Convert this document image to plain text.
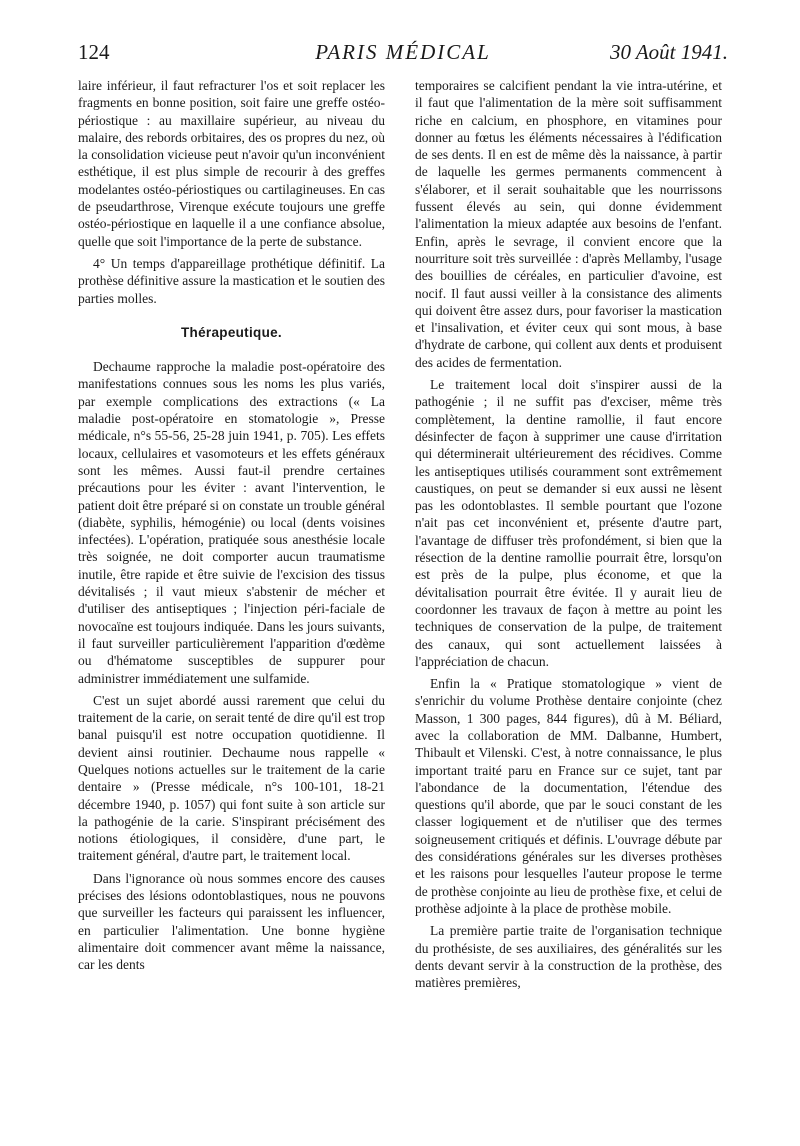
124	PARIS MÉDICAL	30 Août 1941.

laire inférieur, il faut refracturer l'os et soit replacer les fragments en bonne position, soit faire une greffe ostéo-périostique : au maxillaire supérieur, au niveau du malaire, des rebords orbitaires, des os propres du nez, où la consolidation vicieuse peut n'avoir qu'un inconvénient esthétique, il est plus simple de recourir à des greffes modelantes ostéo-périostiques ou cartilagineuses. En cas de pseudarthrose, Virenque exécute toujours une greffe ostéo-périostique en laquelle il a une confiance absolue, quelle que soit l'importance de la perte de substance.

4° Un temps d'appareillage prothétique définitif. La prothèse définitive assure la mastication et le soutien des parties molles.

Thérapeutique.

Dechaume rapproche la maladie post-opératoire des manifestations connues sous les noms les plus variés, par exemple complications des extractions (« La maladie post-opératoire en stomatologie », Presse médicale, n°s 55-56, 25-28 juin 1941, p. 705). Les effets locaux, cellulaires et vasomoteurs et les effets généraux sont les mêmes. Aussi faut-il prendre certaines précautions pour les éviter : avant l'intervention, le patient doit être préparé si on constate un trouble général (diabète, syphilis, hémogénie) ou local (dents voisines infectées). L'opération, pratiquée sous anesthésie locale très soignée, ne doit comporter aucun traumatisme inutile, être rapide et être suivie de l'excision des tissus dévitalisés ; il vaut mieux s'abstenir de mécher et d'utiliser des antiseptiques ; l'injection péri-faciale de novocaïne est toujours indiquée. Dans les jours suivants, il faut surveiller particulièrement l'apparition d'œdème ou d'hématome susceptibles de suppurer pour administrer immédiatement une sulfamide.

C'est un sujet abordé aussi rarement que celui du traitement de la carie, on serait tenté de dire qu'il est trop banal puisqu'il est notre occupation quotidienne. Il devient ainsi routinier. Dechaume nous rappelle « Quelques notions actuelles sur le traitement de la carie dentaire » (Presse médicale, n°s 100-101, 18-21 décembre 1940, p. 1057) qui font suite à son article sur la pathogénie de la carie. S'inspirant précisément des notions étiologiques, il considère, d'une part, le traitement général, d'autre part, le traitement local.

Dans l'ignorance où nous sommes encore des causes précises des lésions odontoblastiques, nous ne pouvons que surveiller les facteurs qui paraissent les influencer, en particulier l'alimentation. Une bonne hygiène alimentaire doit commencer avant même la naissance, car les dents

temporaires se calcifient pendant la vie intra-utérine, et il faut que l'alimentation de la mère soit suffisamment riche en calcium, en phosphore, en vitamines pour donner au fœtus les éléments nécessaires à l'édification de ses dents. Il en est de même dès la naissance, à partir de laquelle les germes permanents commencent à s'élaborer, et il serait souhaitable que les nourrissons fussent élevés au sein, qui donne évidemment l'alimentation la mieux adaptée aux besoins de l'enfant. Enfin, après le sevrage, il convient encore que la nourriture soit très surveillée : d'après Mellamby, l'usage des bouillies de céréales, en particulier d'avoine, est nocif. Il faut aussi veiller à la consistance des aliments qui doivent être assez durs, pour favoriser la mastication et l'insalivation, et éviter ceux qui sont mous, à base d'hydrate de carbone, qui collent aux dents et produisent des acides de fermentation.

Le traitement local doit s'inspirer aussi de la pathogénie ; il ne suffit pas d'exciser, même très complètement, la dentine ramollie, il faut encore désinfecter de façon à supprimer une cause d'irritation qui déterminerait ultérieurement des récidives. Comme les antiseptiques utilisés couramment sont extrêmement caustiques, on peut se demander si eux aussi ne lèsent pas les odontoblastes. Il semble pourtant que l'ozone n'ait pas cet inconvénient et, présente d'autre part, l'avantage de diffuser très profondément, si bien que la résection de la dentine ramollie pourrait être, lorsqu'on est près de la pulpe, plus économe, et que la dévitalisation pourrait être évitée. Il y aurait lieu de coordonner les travaux de façon à mettre au point les techniques de conservation de la pulpe, de traitement des canaux, qui sont actuellement laissées à l'appréciation de chacun.

Enfin la « Pratique stomatologique » vient de s'enrichir du volume Prothèse dentaire conjointe (chez Masson, 1 300 pages, 844 figures), dû à M. Béliard, avec la collaboration de MM. Dalbanne, Humbert, Thibault et Vilenski. C'est, à notre connaissance, le plus important traité paru en France sur ce sujet, tant par l'abondance de la documentation, l'étendue des questions qu'il aborde, que par le souci constant de les classer logiquement et de n'utiliser que des termes soigneusement critiqués et définis. L'ouvrage débute par des considérations générales sur les diverses prothèses et les raisons pour lesquelles l'auteur propose le terme de prothèse conjointe au lieu de prothèse fixe, et celui de prothèse adjointe à la place de prothèse mobile.

La première partie traite de l'organisation technique du prothésiste, de ses auxiliaires, des généralités sur les dents devant servir à la construction de la prothèse, des matières premières,
